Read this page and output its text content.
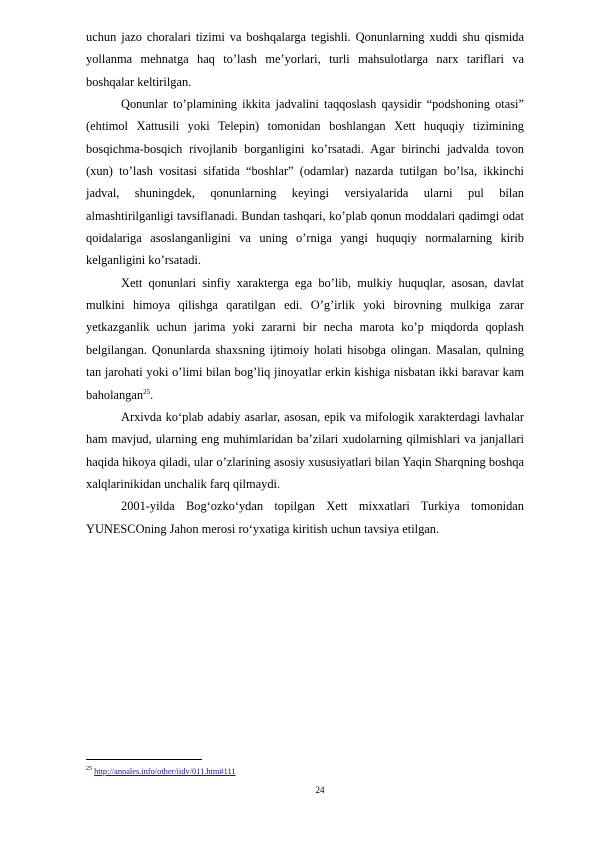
uchun jazo choralari tizimi va boshqalarga tegishli. Qonunlarning xuddi shu qismida yollanma mehnatga haq to’lash me’yorlari, turli mahsulotlarga narx tariflari va boshqalar keltirilgan.

Qonunlar to’plamining ikkita jadvalini taqqoslash qaysidir “podshoning otasi” (ehtimol Xattusili yoki Telepin) tomonidan boshlangan Xett huquqiy tizimining bosqichma-bosqich rivojlanib borganligini ko’rsatadi. Agar birinchi jadvalda tovon (xun) to’lash vositasi sifatida “boshlar” (odamlar) nazarda tutilgan bo’lsa, ikkinchi jadval, shuningdek, qonunlarning keyingi versiyalarida ularni pul bilan almashtirilganligi tavsiflanadi. Bundan tashqari, ko’plab qonun moddalari qadimgi odat qoidalariga asoslanganligini va uning o’rniga yangi huquqiy normalarning kirib kelganligini ko’rsatadi.

Xett qonunlari sinfiy xarakterga ega bo’lib, mulkiy huquqlar, asosan, davlat mulkini himoya qilishga qaratilgan edi. O’g’irlik yoki birovning mulkiga zarar yetkazganlik uchun jarima yoki zararni bir necha marota ko’p miqdorda qoplash belgilangan. Qonunlarda shaxsning ijtimoiy holati hisobga olingan. Masalan, qulning tan jarohati yoki o’limi bilan bog’liq jinoyatlar erkin kishiga nisbatan ikki baravar kam baholangan$^{25}$.

Arxivda ko‘plab adabiy asarlar, asosan, epik va mifologik xarakterdagi lavhalar ham mavjud, ularning eng muhimlaridan ba’zilari xudolarning qilmishlari va janjallari haqida hikoya qiladi, ular o’zlarining asosiy xususiyatlari bilan Yaqin Sharqning boshqa xalqlarinikidan unchalik farq qilmaydi.

2001-yilda Bog‘ozko‘ydan topilgan Xett mixxatlari Turkiya tomonidan YUNESCOning Jahon merosi ro‘yxatiga kiritish uchun tavsiya etilgan.

$^{25}$ http://annales.info/other/iidv/011.htm#111
24
